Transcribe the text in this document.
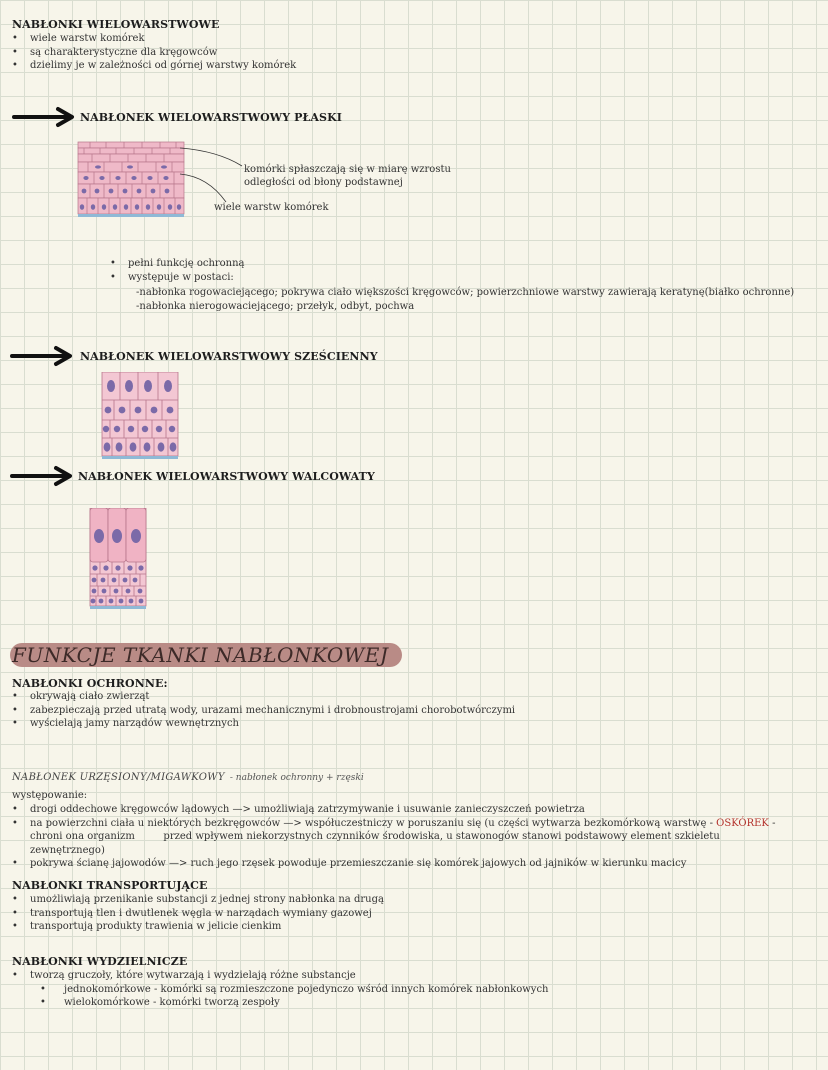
NABŁONKI WIELOWARSTWOWE
• wiele warstw komórek
• są charakterystyczne dla kręgowców
• dzielimy je w zależności od górnej warstwy komórek
NABŁONEK WIELOWARSTWOWY PŁASKI
komórki spłaszczają się w miarę wzrostu
odległości od błony podstawnej
wiele warstw komórek
• pełni funkcję ochronną
• występuje w postaci:
-nabłonka rogowaciejącego; pokrywa ciało większości kręgowców; powierzchniowe warstwy zawierają keratynę(białko ochronne)
-nabłonka nierogowaciejącego; przełyk, odbyt, pochwa
NABŁONEK WIELOWARSTWOWY SZEŚCIENNY
NABŁONEK WIELOWARSTWOWY WALCOWATY
FUNKCJE TKANKI NABŁONKOWEJ
NABŁONKI OCHRONNE:
• okrywają ciało zwierząt
• zabezpieczają przed utratą wody, urazami mechanicznymi i drobnoustrojami chorobotwórczymi
• wyścielają jamy narządów wewnętrznych
NABŁONEK URZĘSIONY/MIGAWKOWY - nabłonek ochronny + rzęski
występowanie:
• drogi oddechowe kręgowców lądowych —> umożliwiają zatrzymywanie i usuwanie zanieczyszczeń powietrza
• na powierzchni ciała u niektórych bezkręgowców —> współuczestniczy w poruszaniu się (u części wytwarza bezkomórkową warstwę - OSKÓREK -
chroni ona organizm         przed wpływem niekorzystnych czynników środowiska, u stawonogów stanowi podstawowy element szkieletu
zewnętrznego)
• pokrywa ścianę jajowodów —> ruch jego rzęsek powoduje przemieszczanie się komórek jajowych od jajników w kierunku macicy
NABŁONKI TRANSPORTUJĄCE
• umożliwiają przenikanie substancji z jednej strony nabłonka na drugą
• transportują tlen i dwutlenek węgla w narządach wymiany gazowej
• transportują produkty trawienia w jelicie cienkim
NABŁONKI WYDZIELNICZE
• tworzą gruczoły, które wytwarzają i wydzielają różne substancje
• jednokomórkowe - komórki są rozmieszczone pojedynczo wśród innych komórek nabłonkowych
• wielokomórkowe - komórki tworzą zespoły
